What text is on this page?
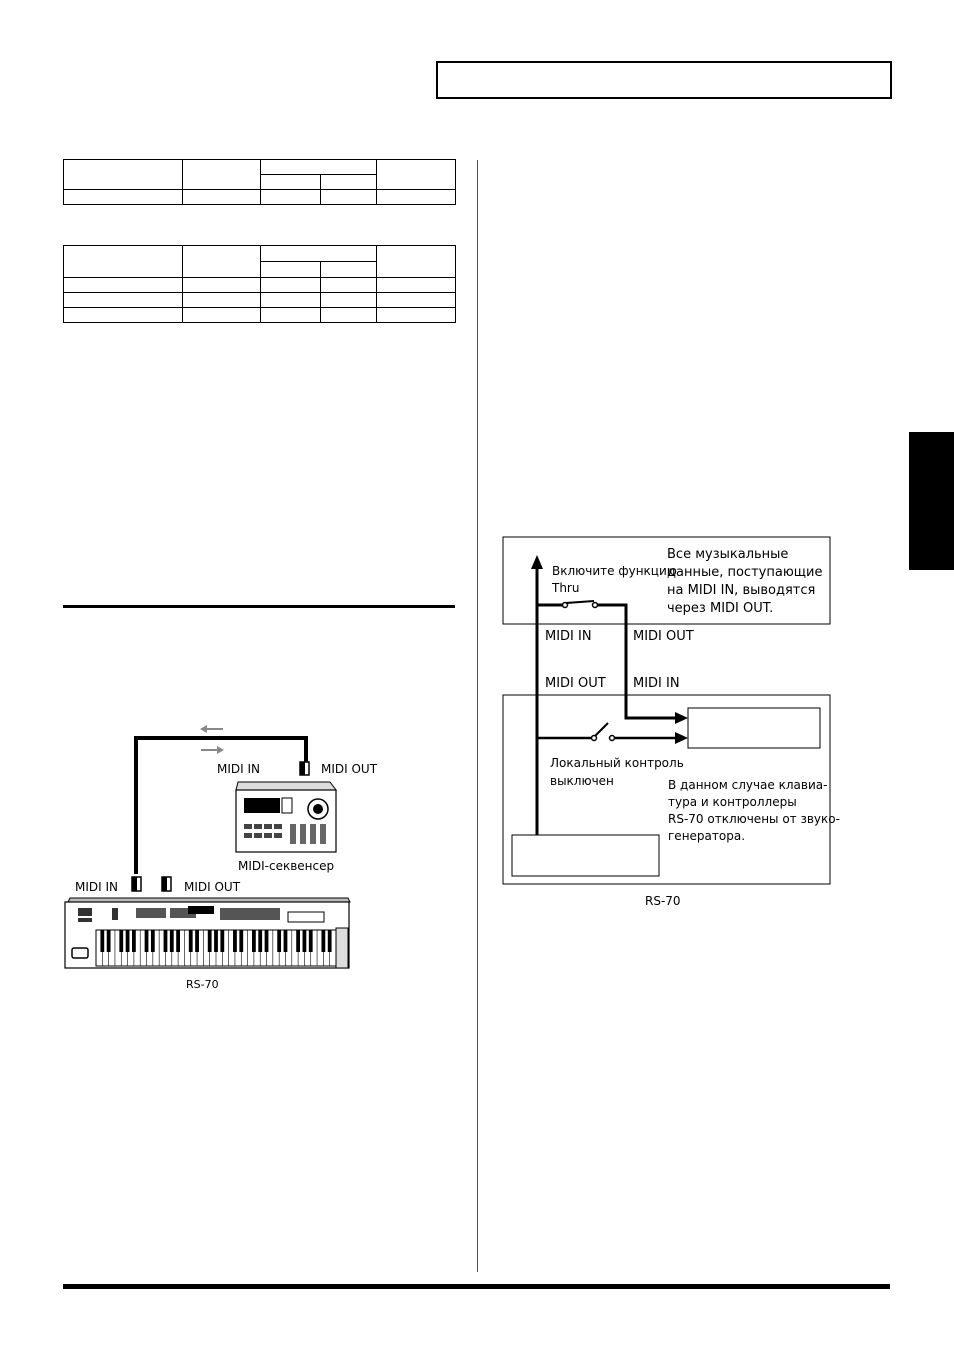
MIDI IN	MIDI OUT
MIDI-секвенсер
MIDI IN	MIDI OUT
RS-70
Включите функцию
Thru
Все музыкальные
данные, поступающие
на MIDI IN, выводятся
через MIDI OUT.
MIDI IN	MIDI OUT
MIDI OUT MIDI IN
Локальный контроль
выключен	В данном случае клавиа-
тура и контроллеры
RS-70 отключены от звуко-
генератора.
RS-70
